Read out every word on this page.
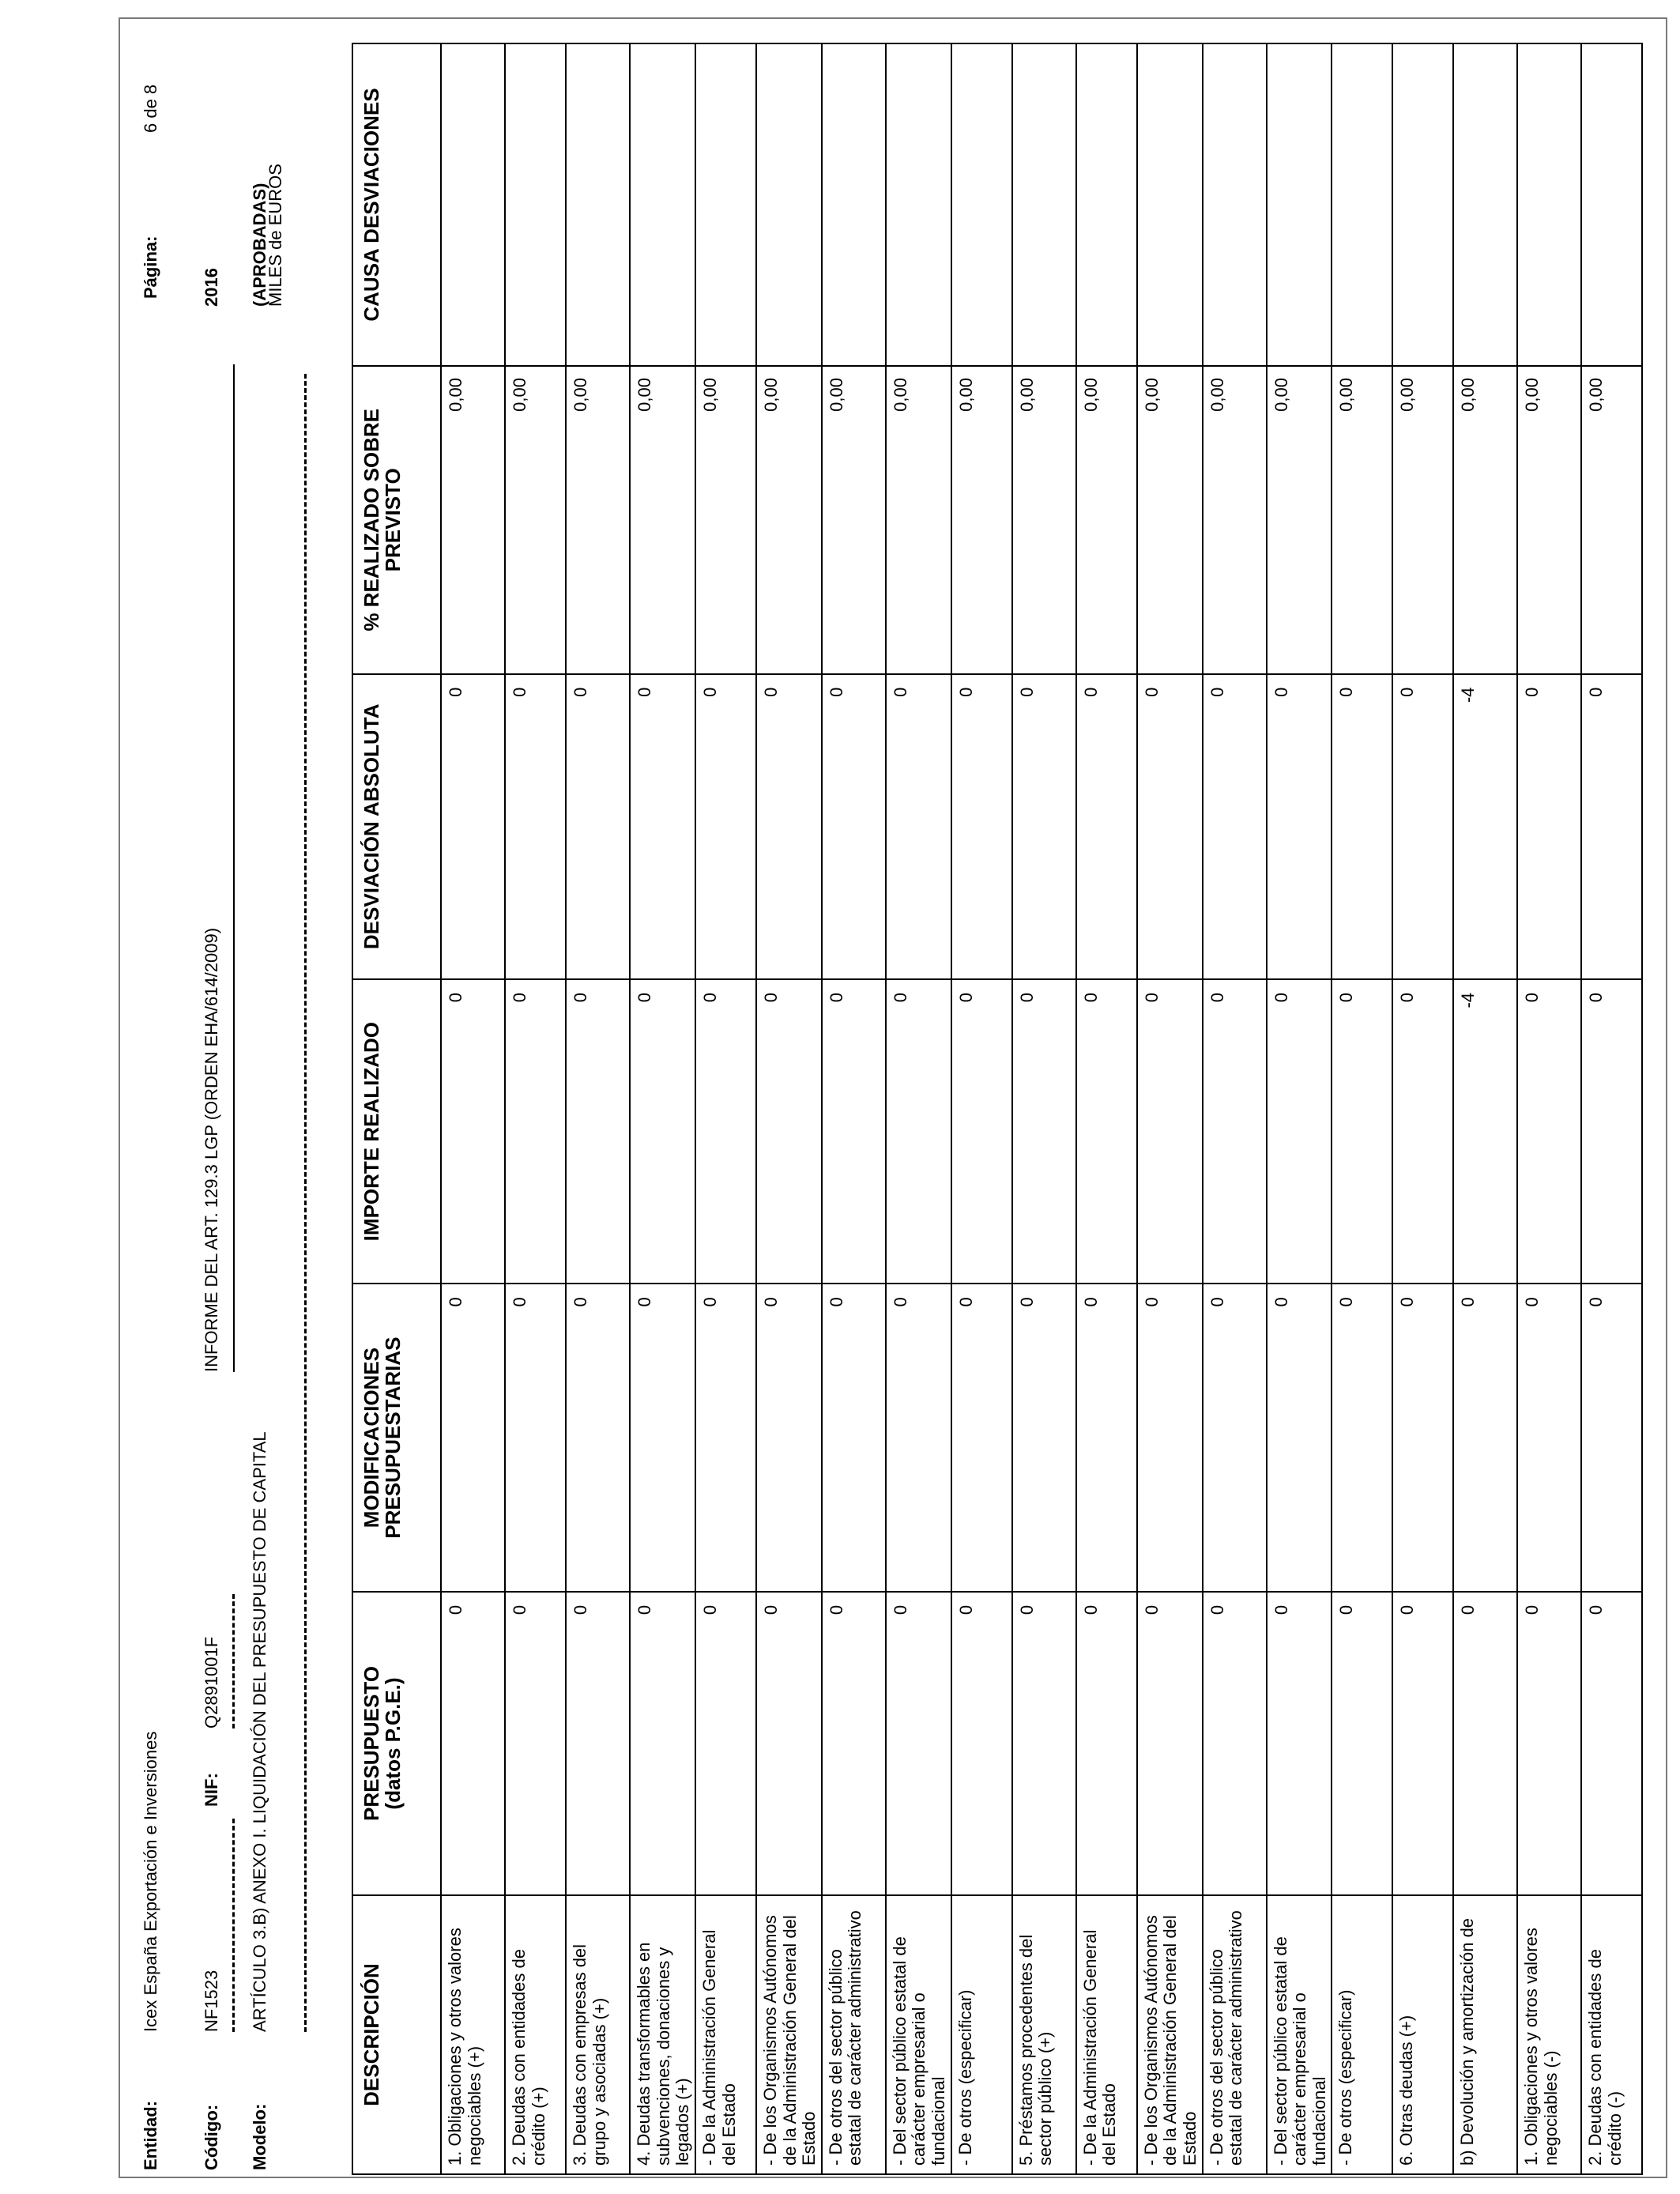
Entidad:
Icex España Exportación e Inversiones
Página:
6 de 8
Código:
NF1523
NIF:
Q2891001F
INFORME DEL ART. 129.3 LGP (ORDEN EHA/614/2009)
2016
Modelo:
ARTÍCULO 3.B) ANEXO I. LIQUIDACIÓN DEL PRESUPUESTO DE CAPITAL
(APROBADAS)
MILES de EUROS
DESCRIPCIÓN	PRESUPUESTO (datos P.G.E.)	MODIFICACIONES PRESUPUESTARIAS	IMPORTE REALIZADO	DESVIACIÓN ABSOLUTA	% REALIZADO SOBRE PREVISTO	CAUSA DESVIACIONES
1. Obligaciones y otros valores negociables (+)	0	0	0	0	0,00	
2. Deudas con entidades de crédito (+)	0	0	0	0	0,00	
3. Deudas con empresas del grupo y asociadas (+)	0	0	0	0	0,00	
4. Deudas transformables en subvenciones, donaciones y legados (+)	0	0	0	0	0,00	
- De la Administración General del Estado	0	0	0	0	0,00	
- De los Organismos Autónomos de la Administración General del Estado	0	0	0	0	0,00	
- De otros del sector público estatal de carácter administrativo	0	0	0	0	0,00	
- Del sector público estatal de carácter empresarial o fundacional	0	0	0	0	0,00	
- De otros (especificar)	0	0	0	0	0,00	
5. Préstamos procedentes del sector público (+)	0	0	0	0	0,00	
- De la Administración General del Estado	0	0	0	0	0,00	
- De los Organismos Autónomos de la Administración General del Estado	0	0	0	0	0,00	
- De otros del sector público estatal de carácter administrativo	0	0	0	0	0,00	
- Del sector público estatal de carácter empresarial o fundacional	0	0	0	0	0,00	
- De otros (especificar)	0	0	0	0	0,00	
6. Otras deudas (+)	0	0	0	0	0,00	
b) Devolución y amortización de	0	0	-4	-4	0,00	
1. Obligaciones y otros valores negociables (-)	0	0	0	0	0,00	
2. Deudas con entidades de crédito (-)	0	0	0	0	0,00	
